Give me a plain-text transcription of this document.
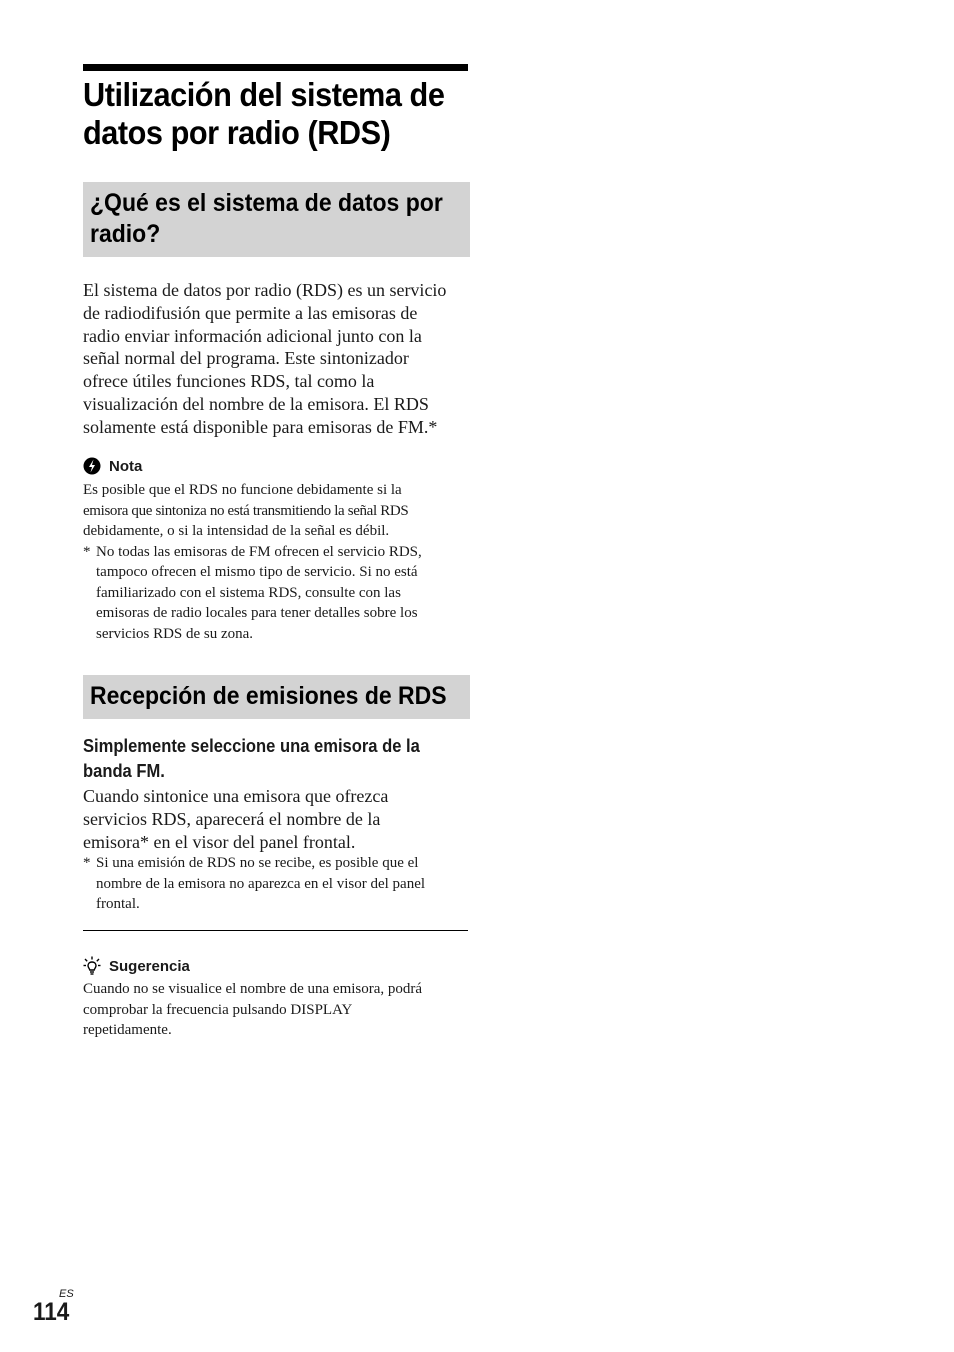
Utilización del sistema de
datos por radio (RDS)
¿Qué es el sistema de datos por
radio?
El sistema de datos por radio (RDS) es un servicio
de radiodifusión que permite a las emisoras de
radio enviar información adicional junto con la
señal normal del programa. Este sintonizador
ofrece útiles funciones RDS, tal como la
visualización del nombre de la emisora. El RDS
solamente está disponible para emisoras de FM.*
Nota
Es posible que el RDS no funcione debidamente si la
emisora que sintoniza no está transmitiendo la señal RDS
debidamente, o si la intensidad de la señal es débil.
* No todas las emisoras de FM ofrecen el servicio RDS,
tampoco ofrecen el mismo tipo de servicio. Si no está
familiarizado con el sistema RDS, consulte con las
emisoras de radio locales para tener detalles sobre los
servicios RDS de su zona.
Recepción de emisiones de RDS
Simplemente seleccione una emisora de la
banda FM.
Cuando sintonice una emisora que ofrezca
servicios RDS, aparecerá el nombre de la
emisora* en el visor del panel frontal.
* Si una emisión de RDS no se recibe, es posible que el
nombre de la emisora no aparezca en el visor del panel
frontal.
Sugerencia
Cuando no se visualice el nombre de una emisora, podrá
comprobar la frecuencia pulsando DISPLAY
repetidamente.
ES
114
